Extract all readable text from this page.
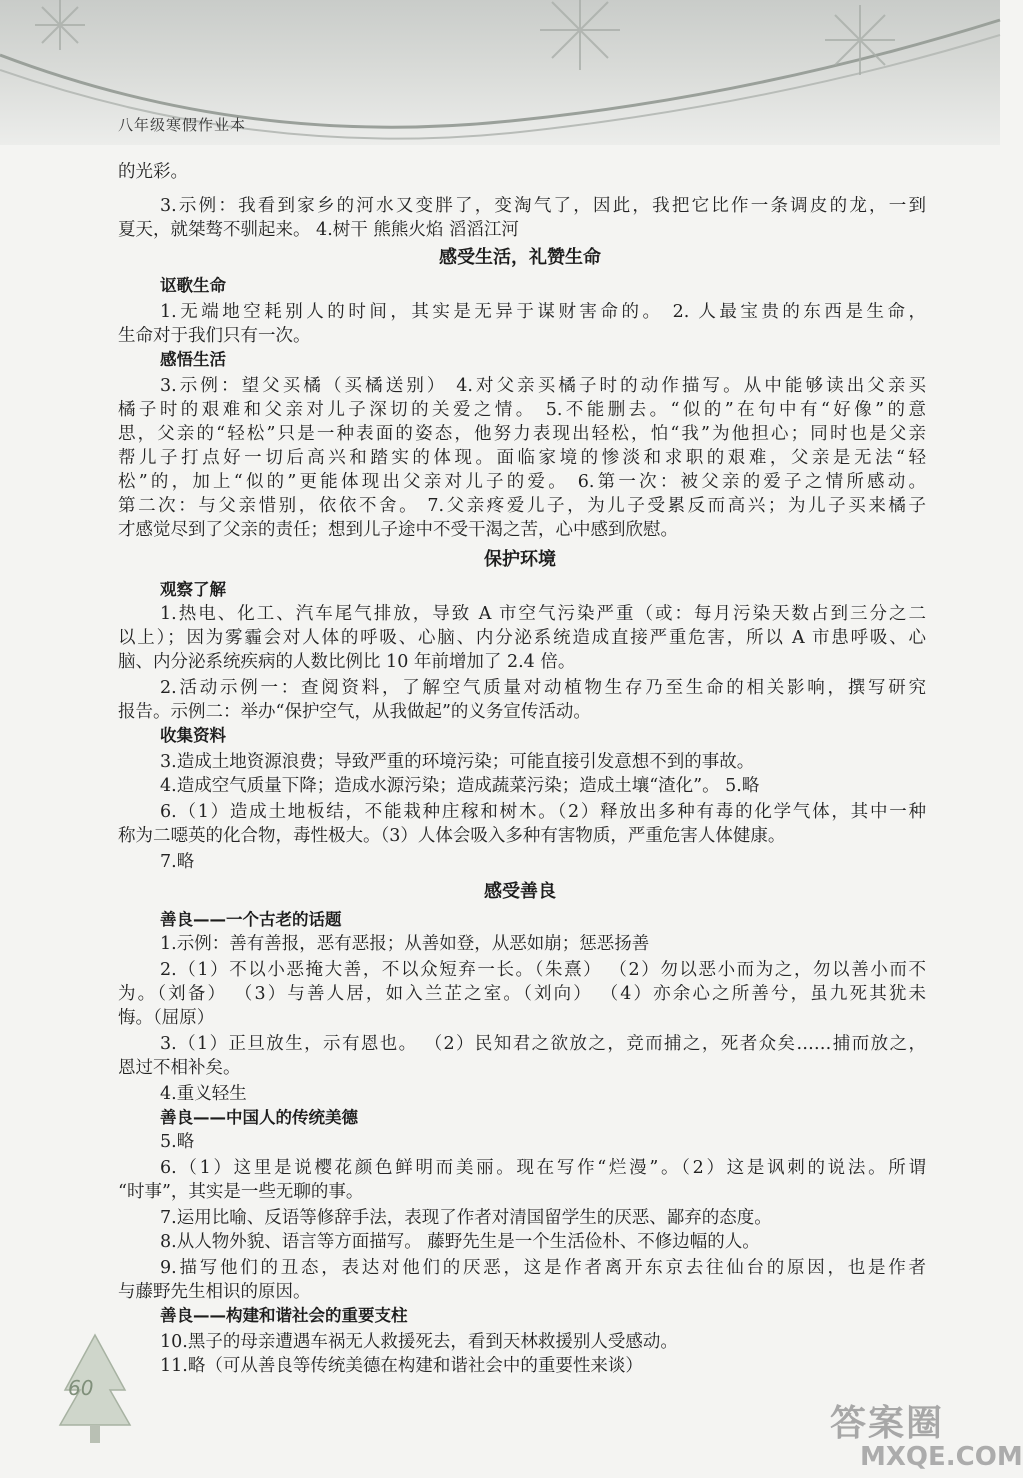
八年级寒假作业本
的光彩。
3.示例：我看到家乡的河水又变胖了，变淘气了，因此，我把它比作一条调皮的龙，一到
夏天，就桀骜不驯起来。 4.树干 熊熊火焰 滔滔江河
感受生活，礼赞生命
讴歌生命
1.无端地空耗别人的时间，其实是无异于谋财害命的。 2. 人最宝贵的东西是生命，
生命对于我们只有一次。
感悟生活
3.示例：望父买橘（买橘送别） 4.对父亲买橘子时的动作描写。从中能够读出父亲买
橘子时的艰难和父亲对儿子深切的关爱之情。 5.不能删去。“似的”在句中有“好像”的意
思，父亲的“轻松”只是一种表面的姿态，他努力表现出轻松，怕“我”为他担心；同时也是父亲
帮儿子打点好一切后高兴和踏实的体现。面临家境的惨淡和求职的艰难，父亲是无法“轻
松”的，加上“似的”更能体现出父亲对儿子的爱。 6.第一次：被父亲的爱子之情所感动。
第二次：与父亲惜别，依依不舍。 7.父亲疼爱儿子，为儿子受累反而高兴；为儿子买来橘子
才感觉尽到了父亲的责任；想到儿子途中不受干渴之苦，心中感到欣慰。
保护环境
观察了解
1.热电、化工、汽车尾气排放，导致 A 市空气污染严重（或：每月污染天数占到三分之二
以上）；因为雾霾会对人体的呼吸、心脑、内分泌系统造成直接严重危害，所以 A 市患呼吸、心
脑、内分泌系统疾病的人数比例比 10 年前增加了 2.4 倍。
2.活动示例一：查阅资料，了解空气质量对动植物生存乃至生命的相关影响，撰写研究
报告。示例二：举办“保护空气，从我做起”的义务宣传活动。
收集资料
3.造成土地资源浪费；导致严重的环境污染；可能直接引发意想不到的事故。
4.造成空气质量下降；造成水源污染；造成蔬菜污染；造成土壤“渣化”。 5.略
6.（1）造成土地板结，不能栽种庄稼和树木。（2）释放出多种有毒的化学气体，其中一种
称为二噁英的化合物，毒性极大。（3）人体会吸入多种有害物质，严重危害人体健康。
7.略
感受善良
善良——一个古老的话题
1.示例：善有善报，恶有恶报；从善如登，从恶如崩；惩恶扬善
2.（1）不以小恶掩大善，不以众短弃一长。（朱熹） （2）勿以恶小而为之，勿以善小而不
为。（刘备） （3）与善人居，如入兰芷之室。（刘向） （4）亦余心之所善兮，虽九死其犹未
悔。（屈原）
3.（1）正旦放生，示有恩也。 （2）民知君之欲放之，竞而捕之，死者众矣……捕而放之，
恩过不相补矣。
4.重义轻生
善良——中国人的传统美德
5.略
6.（1）这里是说樱花颜色鲜明而美丽。现在写作“烂漫”。（2）这是讽刺的说法。所谓
“时事”，其实是一些无聊的事。
7.运用比喻、反语等修辞手法，表现了作者对清国留学生的厌恶、鄙弃的态度。
8.从人物外貌、语言等方面描写。 藤野先生是一个生活俭朴、不修边幅的人。
9.描写他们的丑态，表达对他们的厌恶，这是作者离开东京去往仙台的原因，也是作者
与藤野先生相识的原因。
善良——构建和谐社会的重要支柱
10.黑子的母亲遭遇车祸无人救援死去，看到天林救援别人受感动。
11.略（可从善良等传统美德在构建和谐社会中的重要性来谈）
60
答案圈
MXQE.COM
